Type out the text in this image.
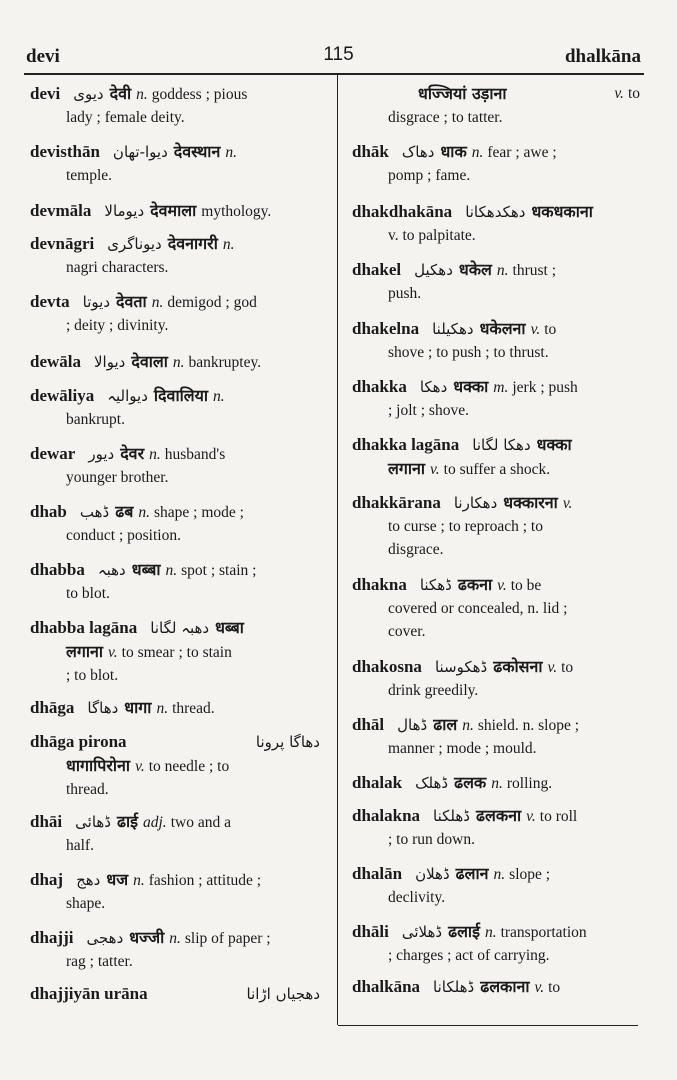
devi	115	dhalkāna
devi دیوی देवी n. goddess ; pious
lady ; female deity.
devisthān دیوا-تھان देवस्थान n.
temple.
devmāla دیومالا देवमाला mythology.
devnāgri دیوناگری देवनागरी n.
nagri characters.
devta دیوتا देवता n. demigod ; god
; deity ; divinity.
dewāla دیوالا देवाला n. bankruptey.
dewāliya دیوالیہ दिवालिया n.
bankrupt.
dewar دیور देवर n. husband's
younger brother.
dhab ڈھب ढब n. shape ; mode ;
conduct ; position.
dhabba دھبہ धब्बा n. spot ; stain ;
to blot.
dhabba lagāna دھبہ لگانا धब्बा
लगाना v. to smear ; to stain
; to blot.
dhāga دھاگا धागा n. thread.
dhāga pirona	دھاگا پرونا
धागापिरोना v. to needle ; to
thread.
dhāi ڈھائی ढाई adj. two and a
half.
dhaj دھج धज n. fashion ; attitude ;
shape.
dhajji دھجی धज्जी n. slip of paper ;
rag ; tatter.
dhajjiyān urāna	دھجیاں اڑانا
धज्जियां उड़ाना	v. to
disgrace ; to tatter.
dhāk دھاک धाक n. fear ; awe ;
pomp ; fame.
dhakdhakāna دھکدھکانا धकधकाना
v. to palpitate.
dhakel دھکیل धकेल n. thrust ;
push.
dhakelna دھکیلنا धकेलना v. to
shove ; to push ; to thrust.
dhakka دھکا धक्का m. jerk ; push
; jolt ; shove.
dhakka lagāna دھکا لگانا धक्का
लगाना v. to suffer a shock.
dhakkārana دھکارنا धक्कारना v.
to curse ; to reproach ; to
disgrace.
dhakna ڈھکنا ढकना v. to be
covered or concealed, n. lid ;
cover.
dhakosna ڈھکوسنا ढकोसना v. to
drink greedily.
dhāl ڈھال ढाल n. shield. n. slope ;
manner ; mode ; mould.
dhalak ڈھلک ढलक n. rolling.
dhalakna ڈھلکنا ढलकना v. to roll
; to run down.
dhalān ڈھلان ढलान n. slope ;
declivity.
dhāli ڈھلائی ढलाई n. transportation
; charges ; act of carrying.
dhalkāna ڈھلکانا ढलकाना v. to
